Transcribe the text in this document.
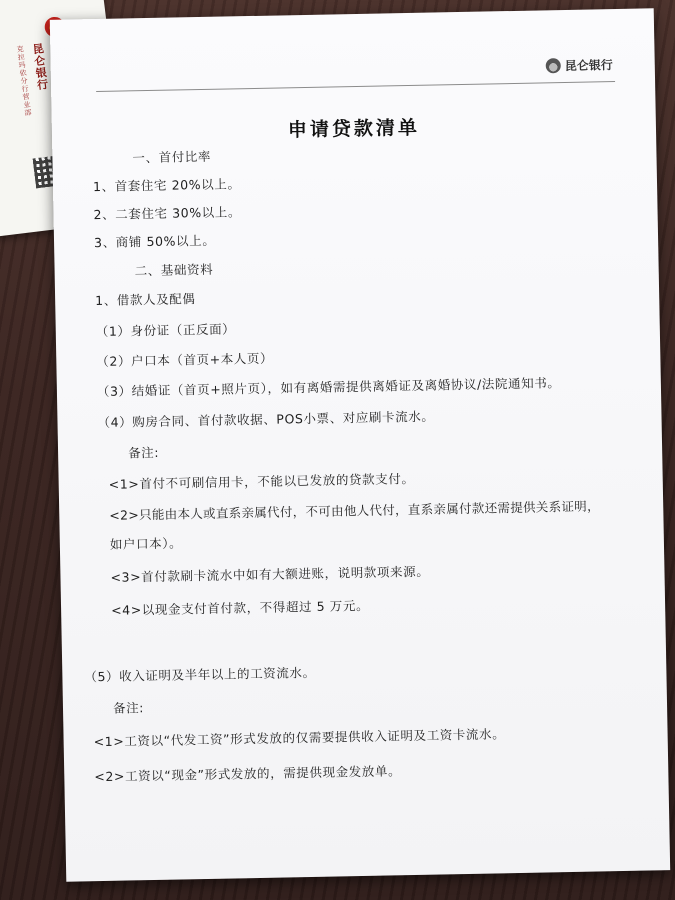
昆仑银行
克拉玛依分行营业部	昆仑银行
申请贷款清单
一、首付比率
1、首套住宅 20%以上。
2、二套住宅 30%以上。
3、商铺 50%以上。
二、基础资料
1、借款人及配偶
（1）身份证（正反面）
（2）户口本（首页+本人页）
（3）结婚证（首页+照片页），如有离婚需提供离婚证及离婚协议/法院通知书。
（4）购房合同、首付款收据、POS小票、对应刷卡流水。
备注:
<1>首付不可刷信用卡，不能以已发放的贷款支付。
<2>只能由本人或直系亲属代付，不可由他人代付，直系亲属付款还需提供关系证明，
如户口本）。
<3>首付款刷卡流水中如有大额进账，说明款项来源。
<4>以现金支付首付款，不得超过 5 万元。
（5）收入证明及半年以上的工资流水。
备注:
<1>工资以“代发工资”形式发放的仅需要提供收入证明及工资卡流水。
<2>工资以“现金”形式发放的，需提供现金发放单。
